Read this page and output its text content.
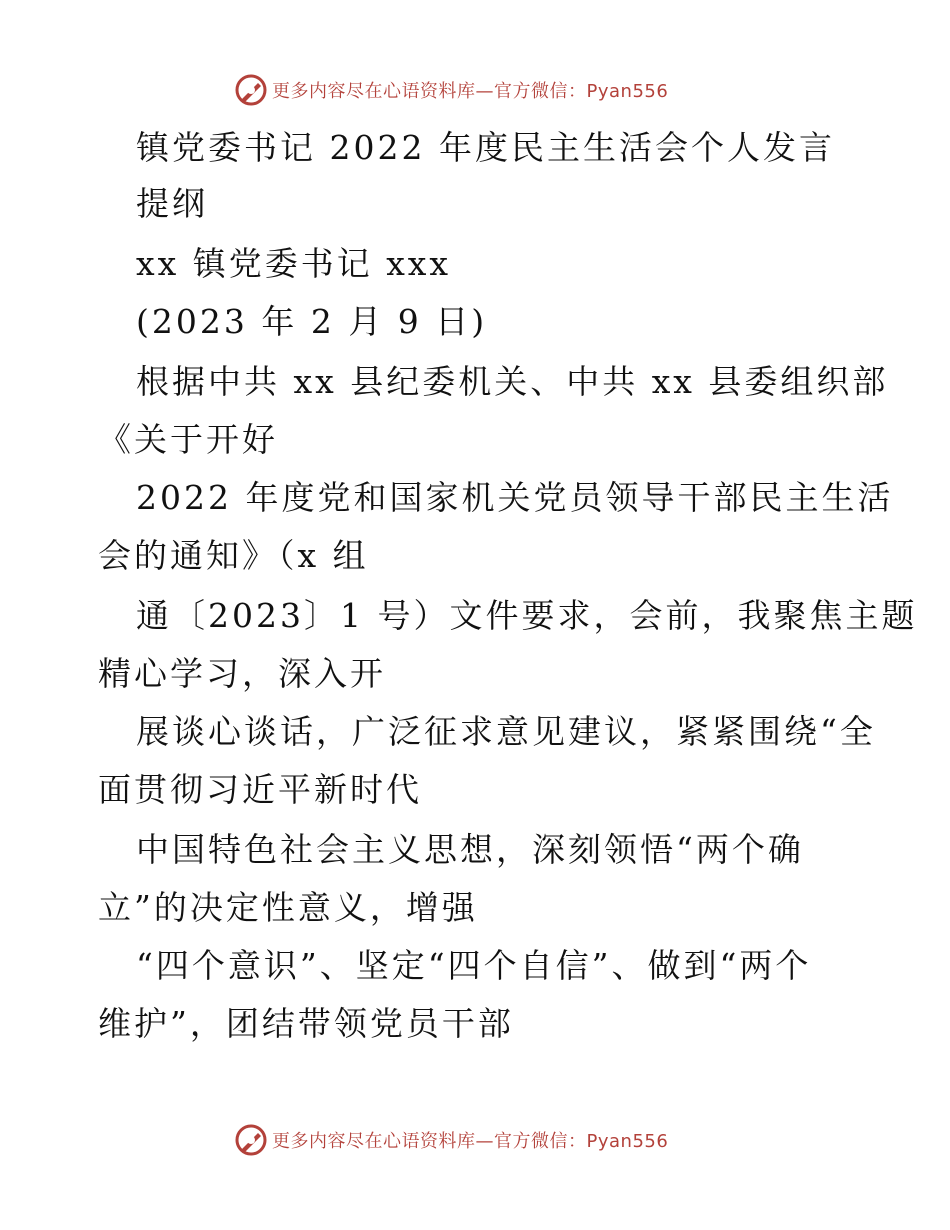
更多内容尽在心语资料库—官方微信：Pyan556
镇党委书记 2022 年度民主生活会个人发言
提纲
xx 镇党委书记 xxx
(2023 年 2 月 9 日)
根据中共 xx 县纪委机关、中共 xx 县委组织部
《关于开好
2022 年度党和国家机关党员领导干部民主生活
会的通知》（x 组
通〔2023〕1 号）文件要求，会前，我聚焦主题
精心学习，深入开
展谈心谈话，广泛征求意见建议，紧紧围绕“全
面贯彻习近平新时代
中国特色社会主义思想，深刻领悟“两个确
立”的决定性意义，增强
“四个意识”、坚定“四个自信”、做到“两个
维护”，团结带领党员干部
更多内容尽在心语资料库—官方微信：Pyan556
